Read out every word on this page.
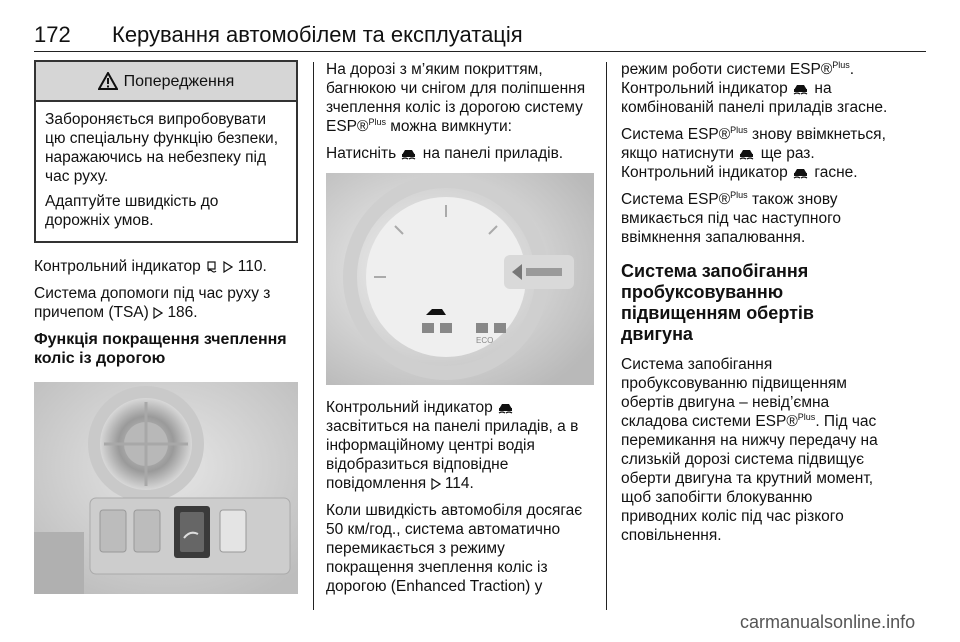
172 Керування автомобілем та експлуатація
Попередження

Забороняється випробовувати цю спеціальну функцію безпеки, наражаючись на небезпеку під час руху.

Адаптуйте швидкість до дорожніх умов.

Контрольний індикатор 110.

Система допомоги під час руху з причепом (TSA) 186.

Функція покращення зчеплення коліс із дорогою

На дорозі з м’яким покриттям, багнюкою чи снігом для поліпшення зчеплення коліс із дорогою систему ESP®$^{Plus}$ можна вимкнути:

Натисніть  на панелі приладів.

ECO

Контрольний індикатор  засвітиться на панелі приладів, а в інформаційному центрі водія відобразиться відповідне повідомлення  114.

Коли швидкість автомобіля досягає 50 км/год., система автоматично перемикається з режиму покращення зчеплення коліс із дорогою (Enhanced Traction) у

режим роботи системи ESP®$^{Plus}$. Контрольний індикатор  на комбінованій панелі приладів згасне.

Система ESP®$^{Plus}$ знову ввімкнеться, якщо натиснути  ще раз. Контрольний індикатор  гасне.

Система ESP®$^{Plus}$ також знову вмикається під час наступного ввімкнення запалювання.

Система запобігання пробуксовуванню підвищенням обертів двигуна

Система запобігання пробуксовуванню підвищенням обертів двигуна – невід’ємна складова системи ESP®$^{Plus}$. Під час перемикання на нижчу передачу на слизькій дорозі система підвищує оберти двигуна та крутний момент, щоб запобігти блокуванню приводних коліс під час різкого сповільнення.

carmanualsonline.info
